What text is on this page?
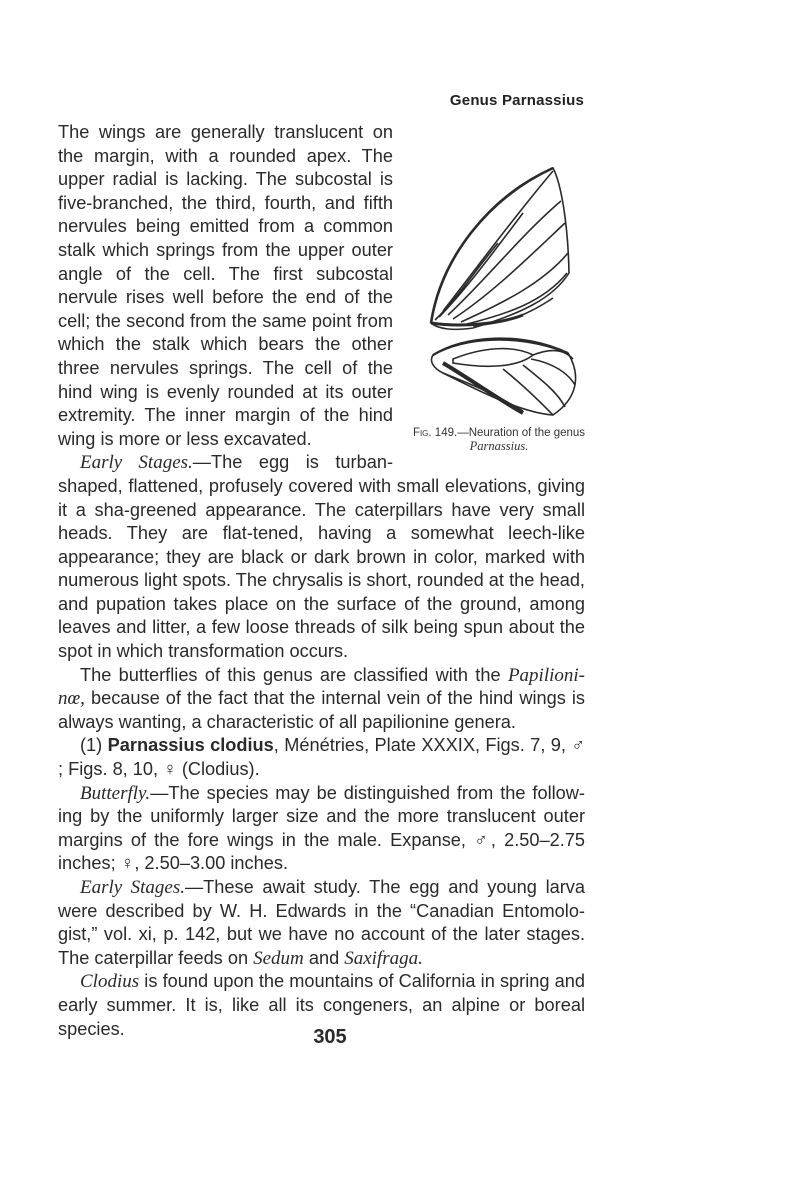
Genus Parnassius
Fig. 149.—Neuration of the genus Parnassius.

The wings are generally translucent on the margin, with a rounded apex. The upper radial is lacking. The subcostal is five-branched, the third, fourth, and fifth nervules being emitted from a common stalk which springs from the upper outer angle of the cell. The first subcostal nervule rises well before the end of the cell; the second from the same point from which the stalk which bears the other three nervules springs. The cell of the hind wing is evenly rounded at its outer extremity. The inner margin of the hind wing is more or less excavated.

Early Stages.—The egg is turban-shaped, flattened, profusely covered with small elevations, giving it a sha-greened appearance. The caterpillars have very small heads. They are flat-tened, having a somewhat leech-like appearance; they are black or dark brown in color, marked with numerous light spots. The chrysalis is short, rounded at the head, and pupation takes place on the surface of the ground, among leaves and litter, a few loose threads of silk being spun about the spot in which transformation occurs.

The butterflies of this genus are classified with the Papilioni-nœ, because of the fact that the internal vein of the hind wings is always wanting, a characteristic of all papilionine genera.

(1) Parnassius clodius, Ménétries, Plate XXXIX, Figs. 7, 9, ♂ ; Figs. 8, 10, ♀ (Clodius).

Butterfly.—The species may be distinguished from the follow-ing by the uniformly larger size and the more translucent outer margins of the fore wings in the male. Expanse, ♂, 2.50–2.75 inches; ♀, 2.50–3.00 inches.

Early Stages.—These await study. The egg and young larva were described by W. H. Edwards in the “Canadian Entomolo-gist,” vol. xi, p. 142, but we have no account of the later stages. The caterpillar feeds on Sedum and Saxifraga.

Clodius is found upon the mountains of California in spring and early summer. It is, like all its congeners, an alpine or boreal species.	305
